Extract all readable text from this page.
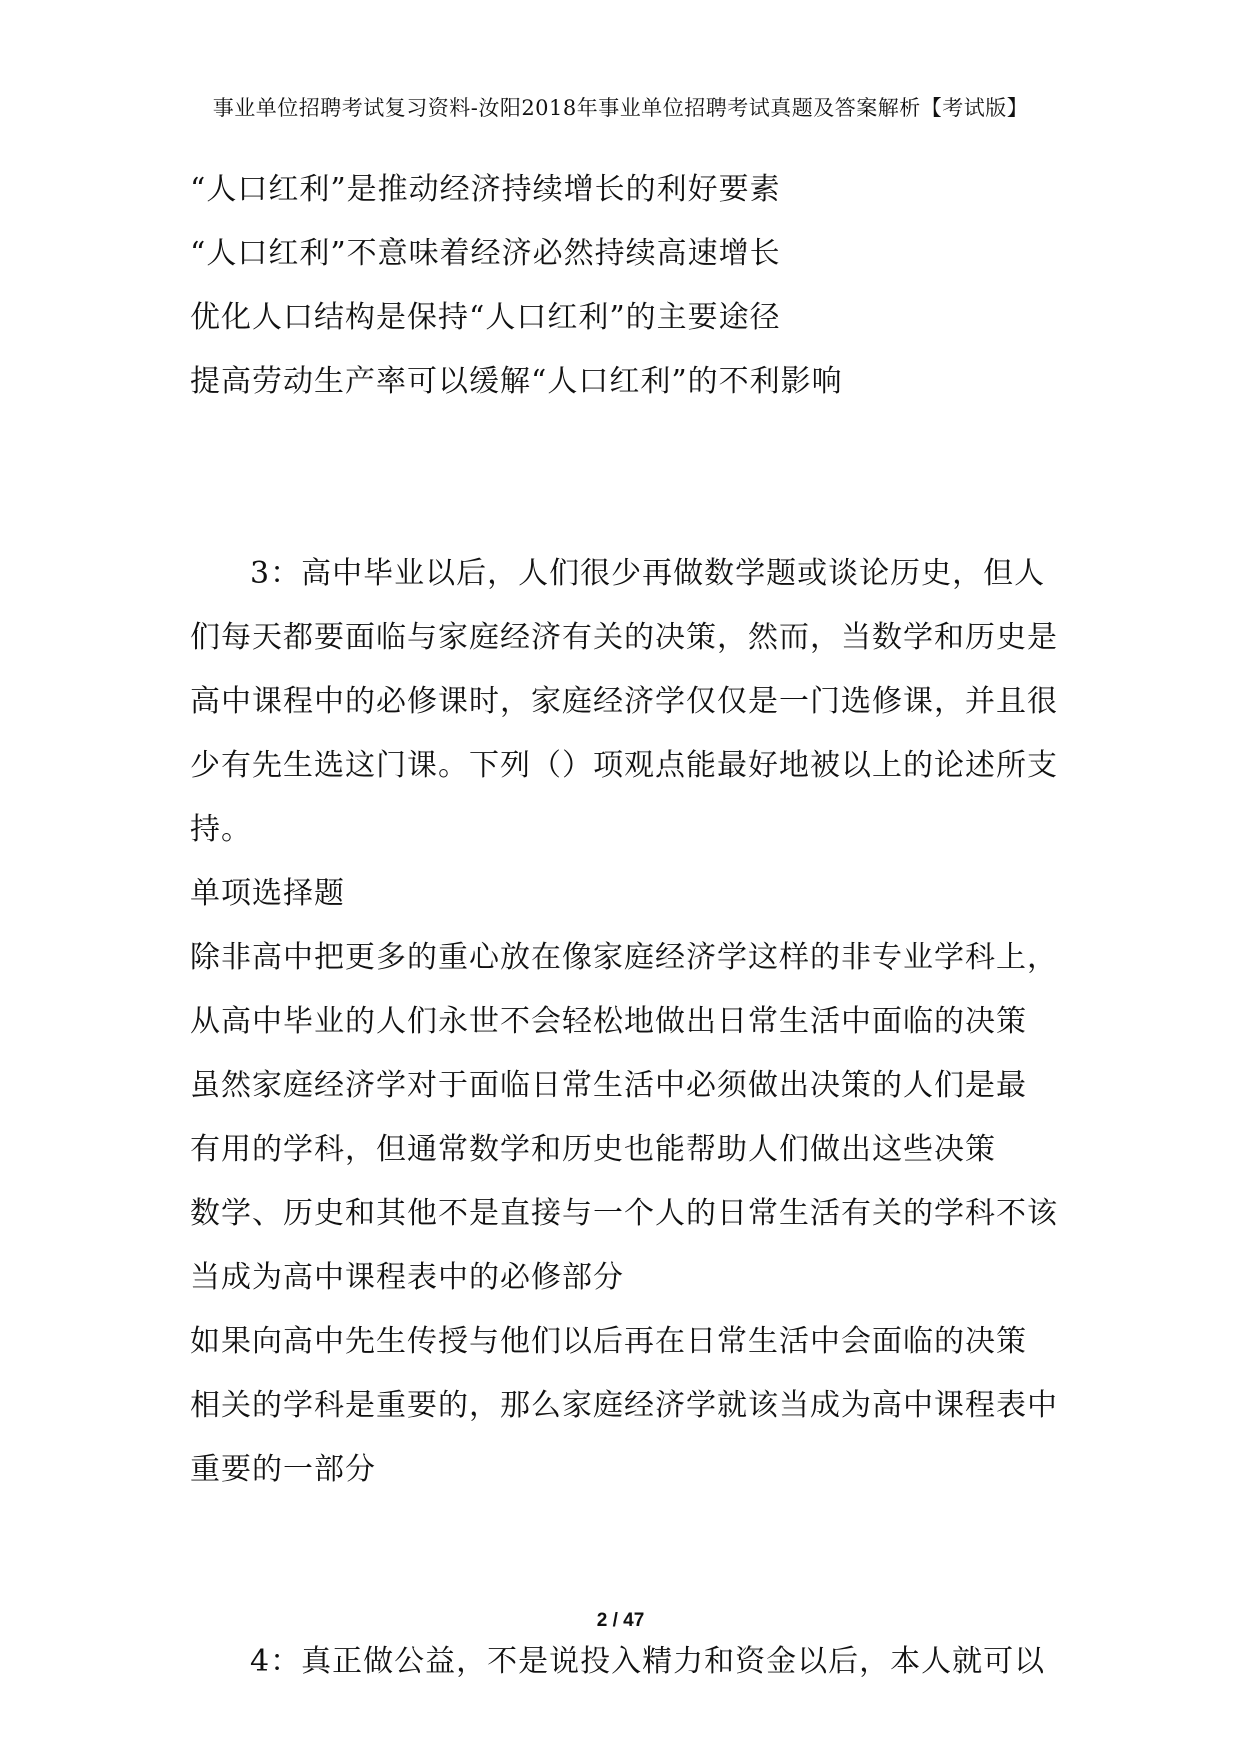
事业单位招聘考试复习资料-汝阳2018年事业单位招聘考试真题及答案解析【考试版】
“人口红利”是推动经济持续增长的利好要素
“人口红利”不意味着经济必然持续高速增长
优化人口结构是保持“人口红利”的主要途径
提高劳动生产率可以缓解“人口红利”的不利影响
3：高中毕业以后，人们很少再做数学题或谈论历史，但人
们每天都要面临与家庭经济有关的决策，然而，当数学和历史是
高中课程中的必修课时，家庭经济学仅仅是一门选修课，并且很
少有先生选这门课。下列（）项观点能最好地被以上的论述所支
持。
单项选择题
除非高中把更多的重心放在像家庭经济学这样的非专业学科上，
从高中毕业的人们永世不会轻松地做出日常生活中面临的决策
虽然家庭经济学对于面临日常生活中必须做出决策的人们是最
有用的学科，但通常数学和历史也能帮助人们做出这些决策
数学、历史和其他不是直接与一个人的日常生活有关的学科不该
当成为高中课程表中的必修部分
如果向高中先生传授与他们以后再在日常生活中会面临的决策
相关的学科是重要的，那么家庭经济学就该当成为高中课程表中
重要的一部分
4：真正做公益，不是说投入精力和资金以后，本人就可以
2 / 47
